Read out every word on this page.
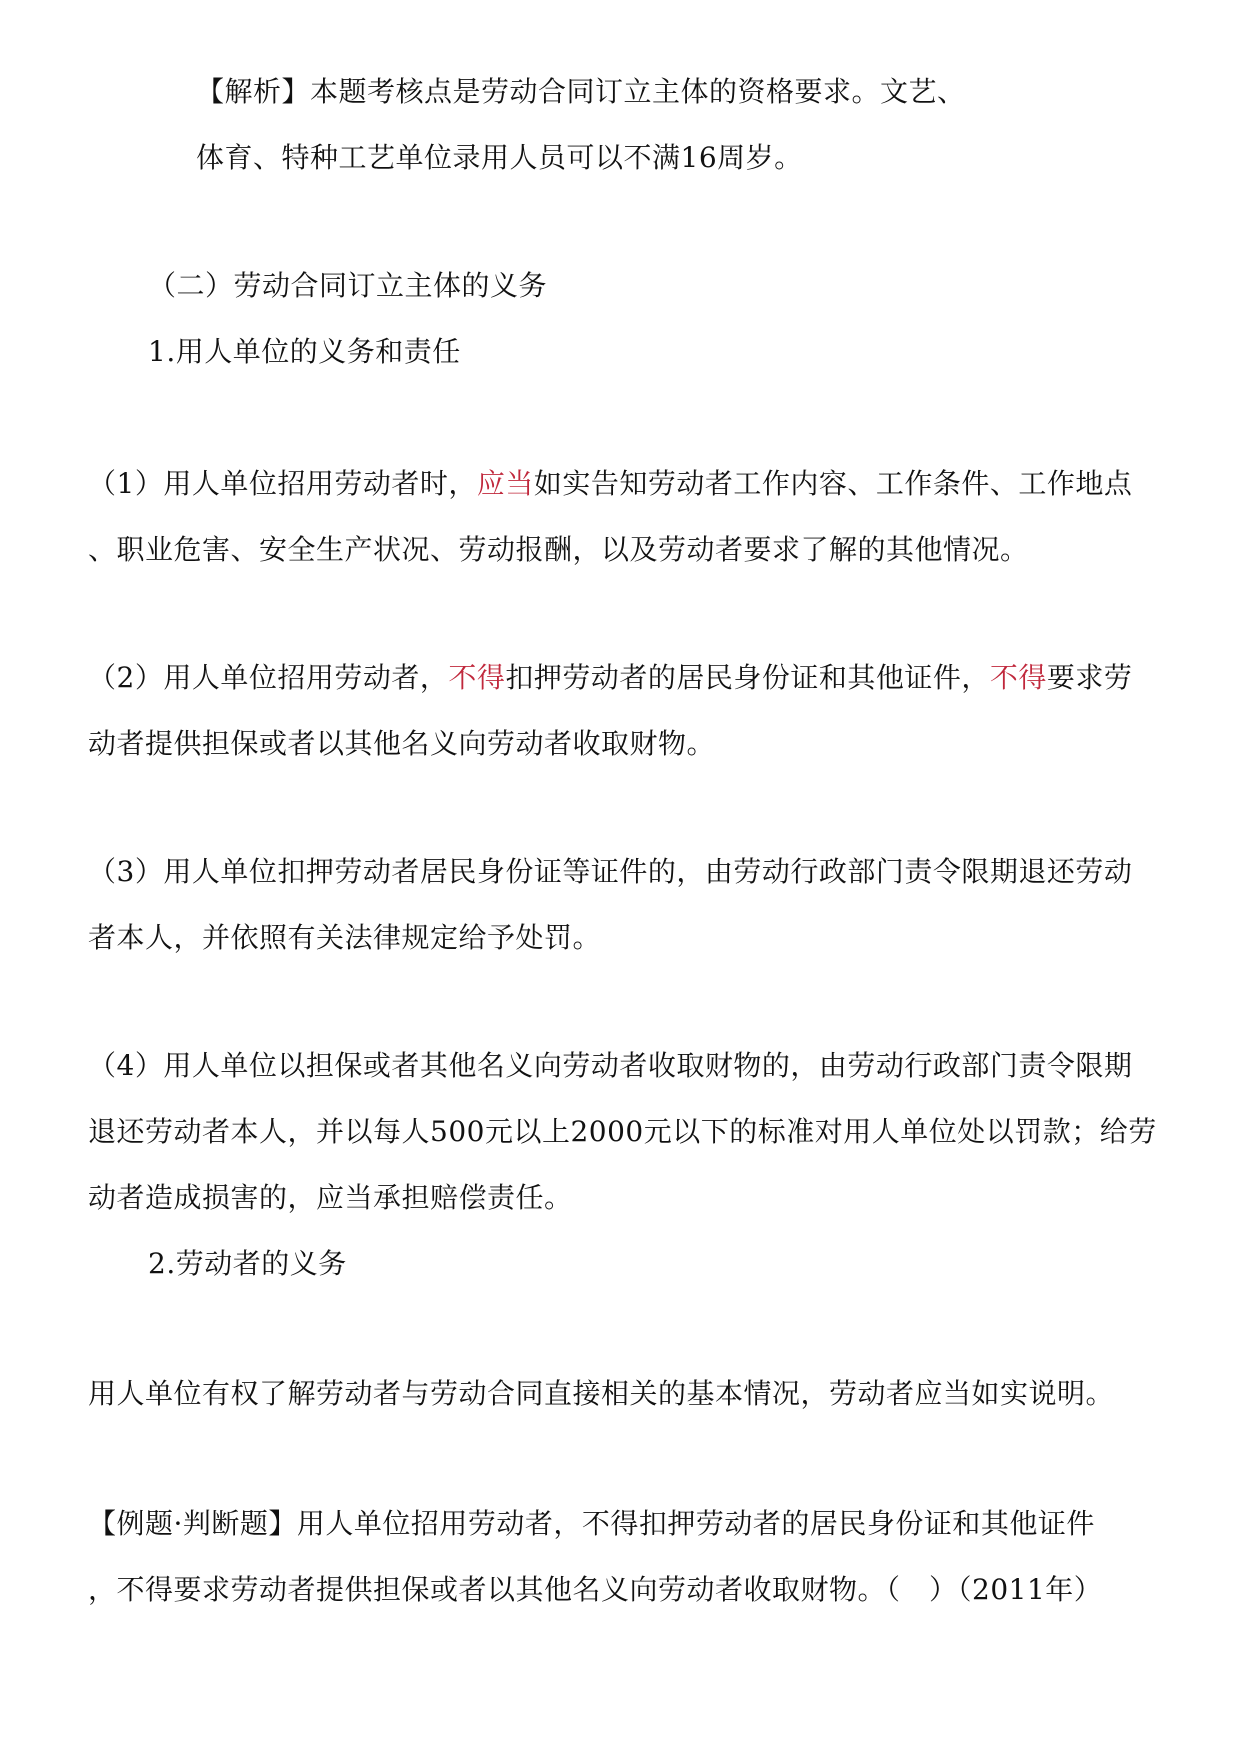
【解析】本题考核点是劳动合同订立主体的资格要求。文艺、
体育、特种工艺单位录用人员可以不满16周岁。
（二）劳动合同订立主体的义务
1.用人单位的义务和责任
（1）用人单位招用劳动者时，应当如实告知劳动者工作内容、工作条件、工作地点
、职业危害、安全生产状况、劳动报酬，以及劳动者要求了解的其他情况。
（2）用人单位招用劳动者，不得扣押劳动者的居民身份证和其他证件，不得要求劳
动者提供担保或者以其他名义向劳动者收取财物。
（3）用人单位扣押劳动者居民身份证等证件的，由劳动行政部门责令限期退还劳动
者本人，并依照有关法律规定给予处罚。
（4）用人单位以担保或者其他名义向劳动者收取财物的，由劳动行政部门责令限期
退还劳动者本人，并以每人500元以上2000元以下的标准对用人单位处以罚款；给劳
动者造成损害的，应当承担赔偿责任。
2.劳动者的义务
用人单位有权了解劳动者与劳动合同直接相关的基本情况，劳动者应当如实说明。
【例题·判断题】用人单位招用劳动者，不得扣押劳动者的居民身份证和其他证件
，不得要求劳动者提供担保或者以其他名义向劳动者收取财物。（　）（2011年）
